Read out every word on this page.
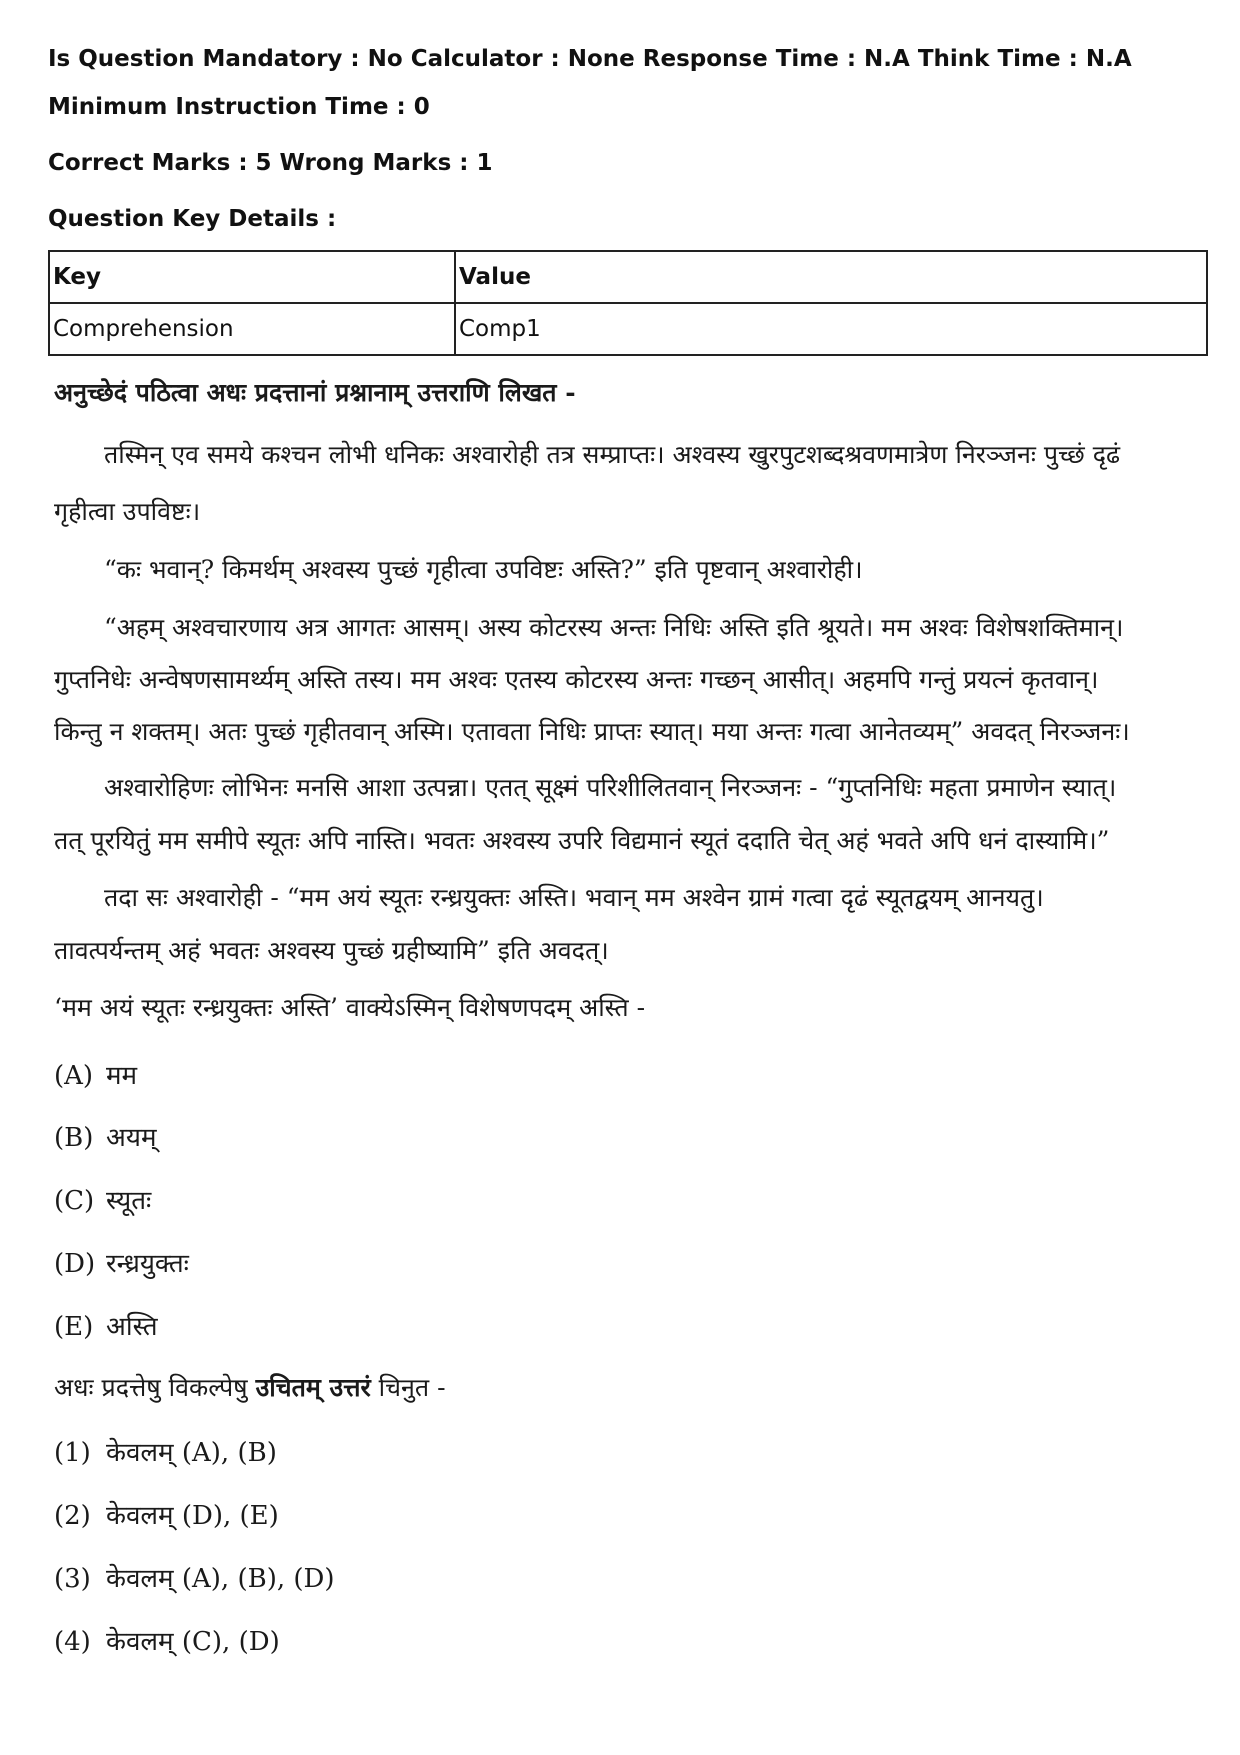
Is Question Mandatory : No Calculator : None Response Time : N.A Think Time : N.A
Minimum Instruction Time : 0
Correct Marks : 5 Wrong Marks : 1
Question Key Details :
Key	Value
Comprehension	Comp1
अनुच्छेदं पठित्वा अधः प्रदत्तानां प्रश्नानाम् उत्तराणि लिखत -
तस्मिन् एव समये कश्चन लोभी धनिकः अश्वारोही तत्र सम्प्राप्तः। अश्वस्य खुरपुटशब्दश्रवणमात्रेण निरञ्जनः पुच्छं दृढं
गृहीत्वा उपविष्टः।
“कः भवान्? किमर्थम् अश्वस्य पुच्छं गृहीत्वा उपविष्टः अस्ति?” इति पृष्टवान् अश्वारोही।
“अहम् अश्वचारणाय अत्र आगतः आसम्। अस्य कोटरस्य अन्तः निधिः अस्ति इति श्रूयते। मम अश्वः विशेषशक्तिमान्।
गुप्तनिधेः अन्वेषणसामर्थ्यम् अस्ति तस्य। मम अश्वः एतस्य कोटरस्य अन्तः गच्छन् आसीत्। अहमपि गन्तुं प्रयत्नं कृतवान्।
किन्तु न शक्तम्। अतः पुच्छं गृहीतवान् अस्मि। एतावता निधिः प्राप्तः स्यात्। मया अन्तः गत्वा आनेतव्यम्” अवदत् निरञ्जनः।
अश्वारोहिणः लोभिनः मनसि आशा उत्पन्ना। एतत् सूक्ष्मं परिशीलितवान् निरञ्जनः - “गुप्तनिधिः महता प्रमाणेन स्यात्।
तत् पूरयितुं मम समीपे स्यूतः अपि नास्ति। भवतः अश्वस्य उपरि विद्यमानं स्यूतं ददाति चेत् अहं भवते अपि धनं दास्यामि।”
तदा सः अश्वारोही - “मम अयं स्यूतः रन्ध्रयुक्तः अस्ति। भवान् मम अश्वेन ग्रामं गत्वा दृढं स्यूतद्वयम् आनयतु।
तावत्पर्यन्तम् अहं भवतः अश्वस्य पुच्छं ग्रहीष्यामि” इति अवदत्।
‘मम अयं स्यूतः रन्ध्रयुक्तः अस्ति’ वाक्येऽस्मिन् विशेषणपदम् अस्ति -
(A) मम
(B) अयम्
(C) स्यूतः
(D) रन्ध्रयुक्तः
(E) अस्ति
अधः प्रदत्तेषु विकल्पेषु उचितम् उत्तरं चिनुत -
(1) केवलम् (A), (B)
(2) केवलम् (D), (E)
(3) केवलम् (A), (B), (D)
(4) केवलम् (C), (D)
